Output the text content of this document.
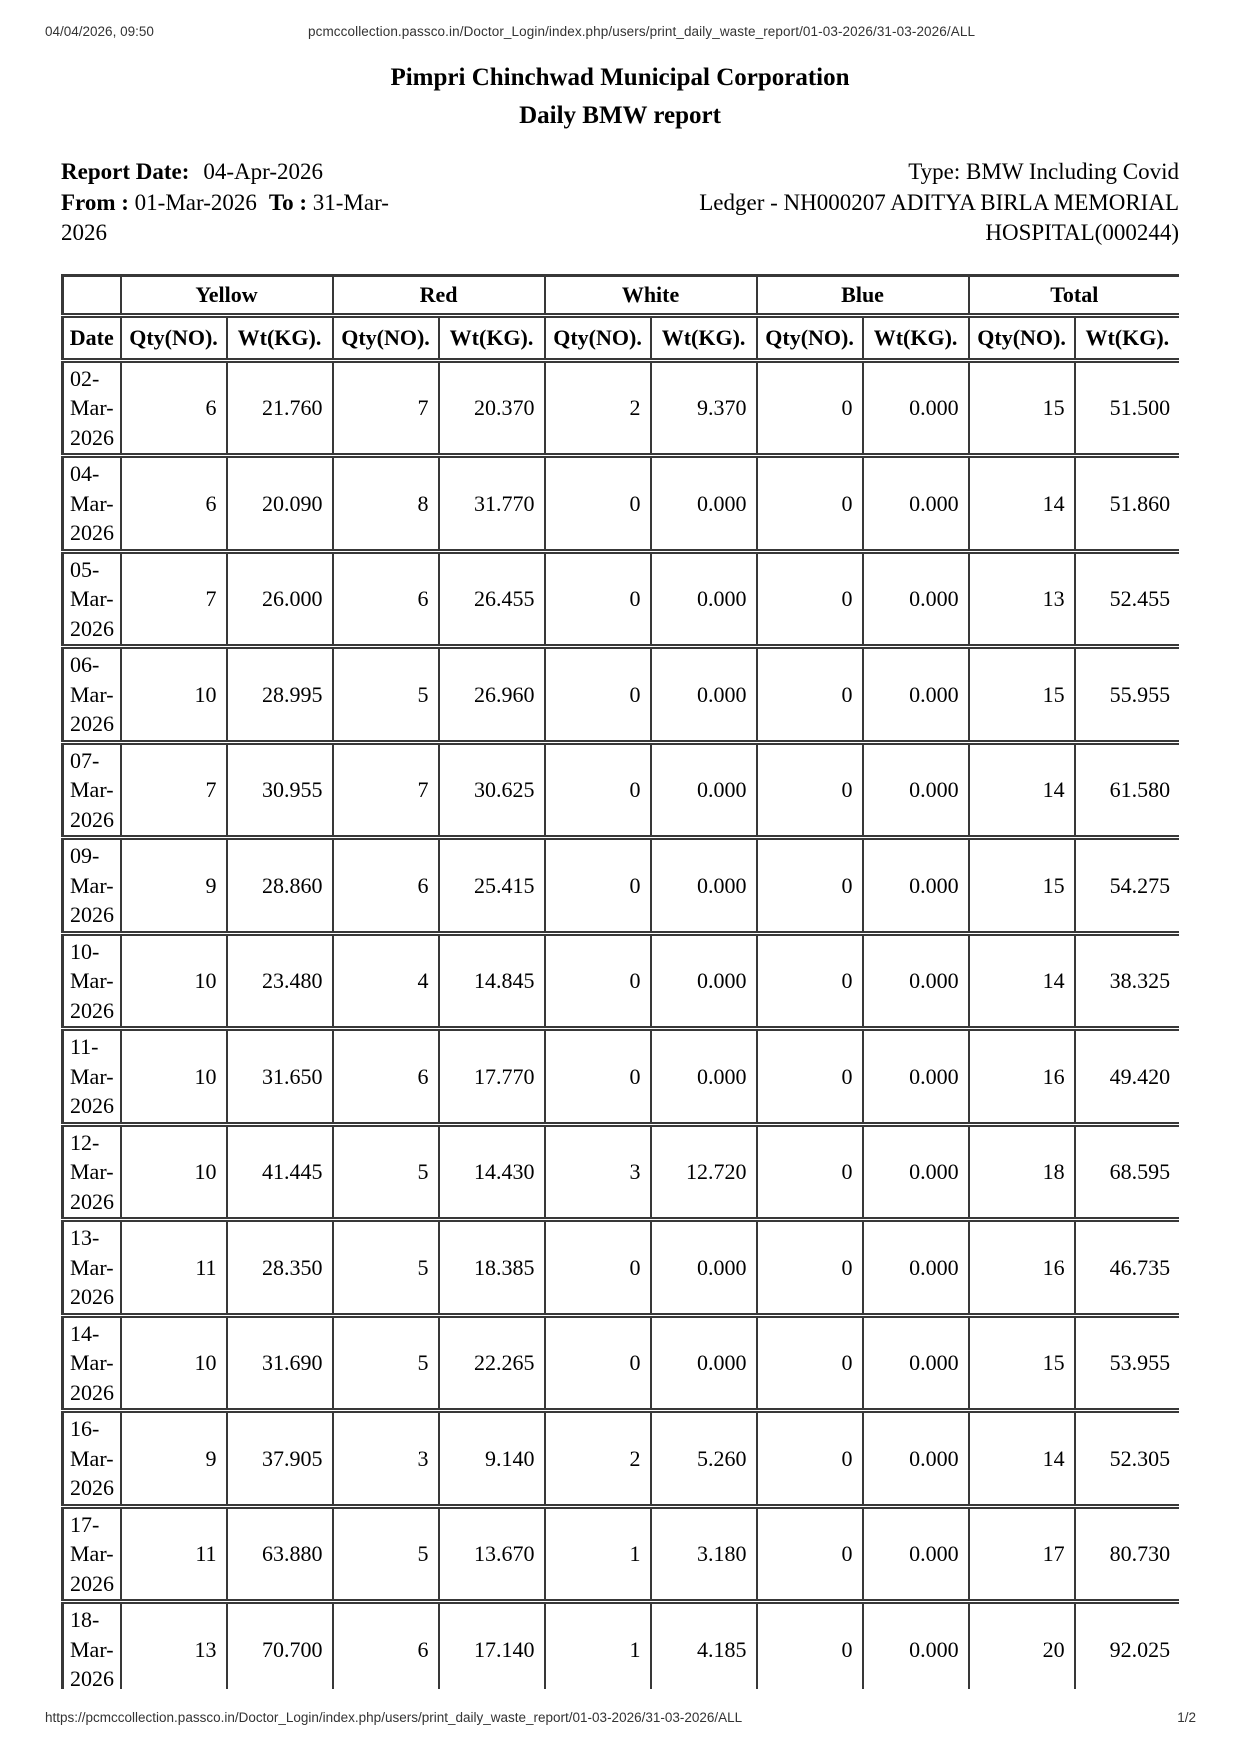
04/04/2026, 09:50	pcmccollection.passco.in/Doctor_Login/index.php/users/print_daily_waste_report/01-03-2026/31-03-2026/ALL
Pimpri Chinchwad Municipal Corporation
Daily BMW report
Report Date: 04-Apr-2026
From : 01-Mar-2026 To : 31-Mar-2026
Type: BMW Including Covid
Ledger - NH000207 ADITYA BIRLA MEMORIAL HOSPITAL(000244)
	Yellow		Red		White		Blue		Total	
Date	Qty(NO).	Wt(KG).	Qty(NO).	Wt(KG).	Qty(NO).	Wt(KG).	Qty(NO).	Wt(KG).	Qty(NO).	Wt(KG).
02-Mar-2026	6	21.760	7	20.370	2	9.370	0	0.000	15	51.500
04-Mar-2026	6	20.090	8	31.770	0	0.000	0	0.000	14	51.860
05-Mar-2026	7	26.000	6	26.455	0	0.000	0	0.000	13	52.455
06-Mar-2026	10	28.995	5	26.960	0	0.000	0	0.000	15	55.955
07-Mar-2026	7	30.955	7	30.625	0	0.000	0	0.000	14	61.580
09-Mar-2026	9	28.860	6	25.415	0	0.000	0	0.000	15	54.275
10-Mar-2026	10	23.480	4	14.845	0	0.000	0	0.000	14	38.325
11-Mar-2026	10	31.650	6	17.770	0	0.000	0	0.000	16	49.420
12-Mar-2026	10	41.445	5	14.430	3	12.720	0	0.000	18	68.595
13-Mar-2026	11	28.350	5	18.385	0	0.000	0	0.000	16	46.735
14-Mar-2026	10	31.690	5	22.265	0	0.000	0	0.000	15	53.955
16-Mar-2026	9	37.905	3	9.140	2	5.260	0	0.000	14	52.305
17-Mar-2026	11	63.880	5	13.670	1	3.180	0	0.000	17	80.730
18-Mar-2026	13	70.700	6	17.140	1	4.185	0	0.000	20	92.025

https://pcmccollection.passco.in/Doctor_Login/index.php/users/print_daily_waste_report/01-03-2026/31-03-2026/ALL	1/2
